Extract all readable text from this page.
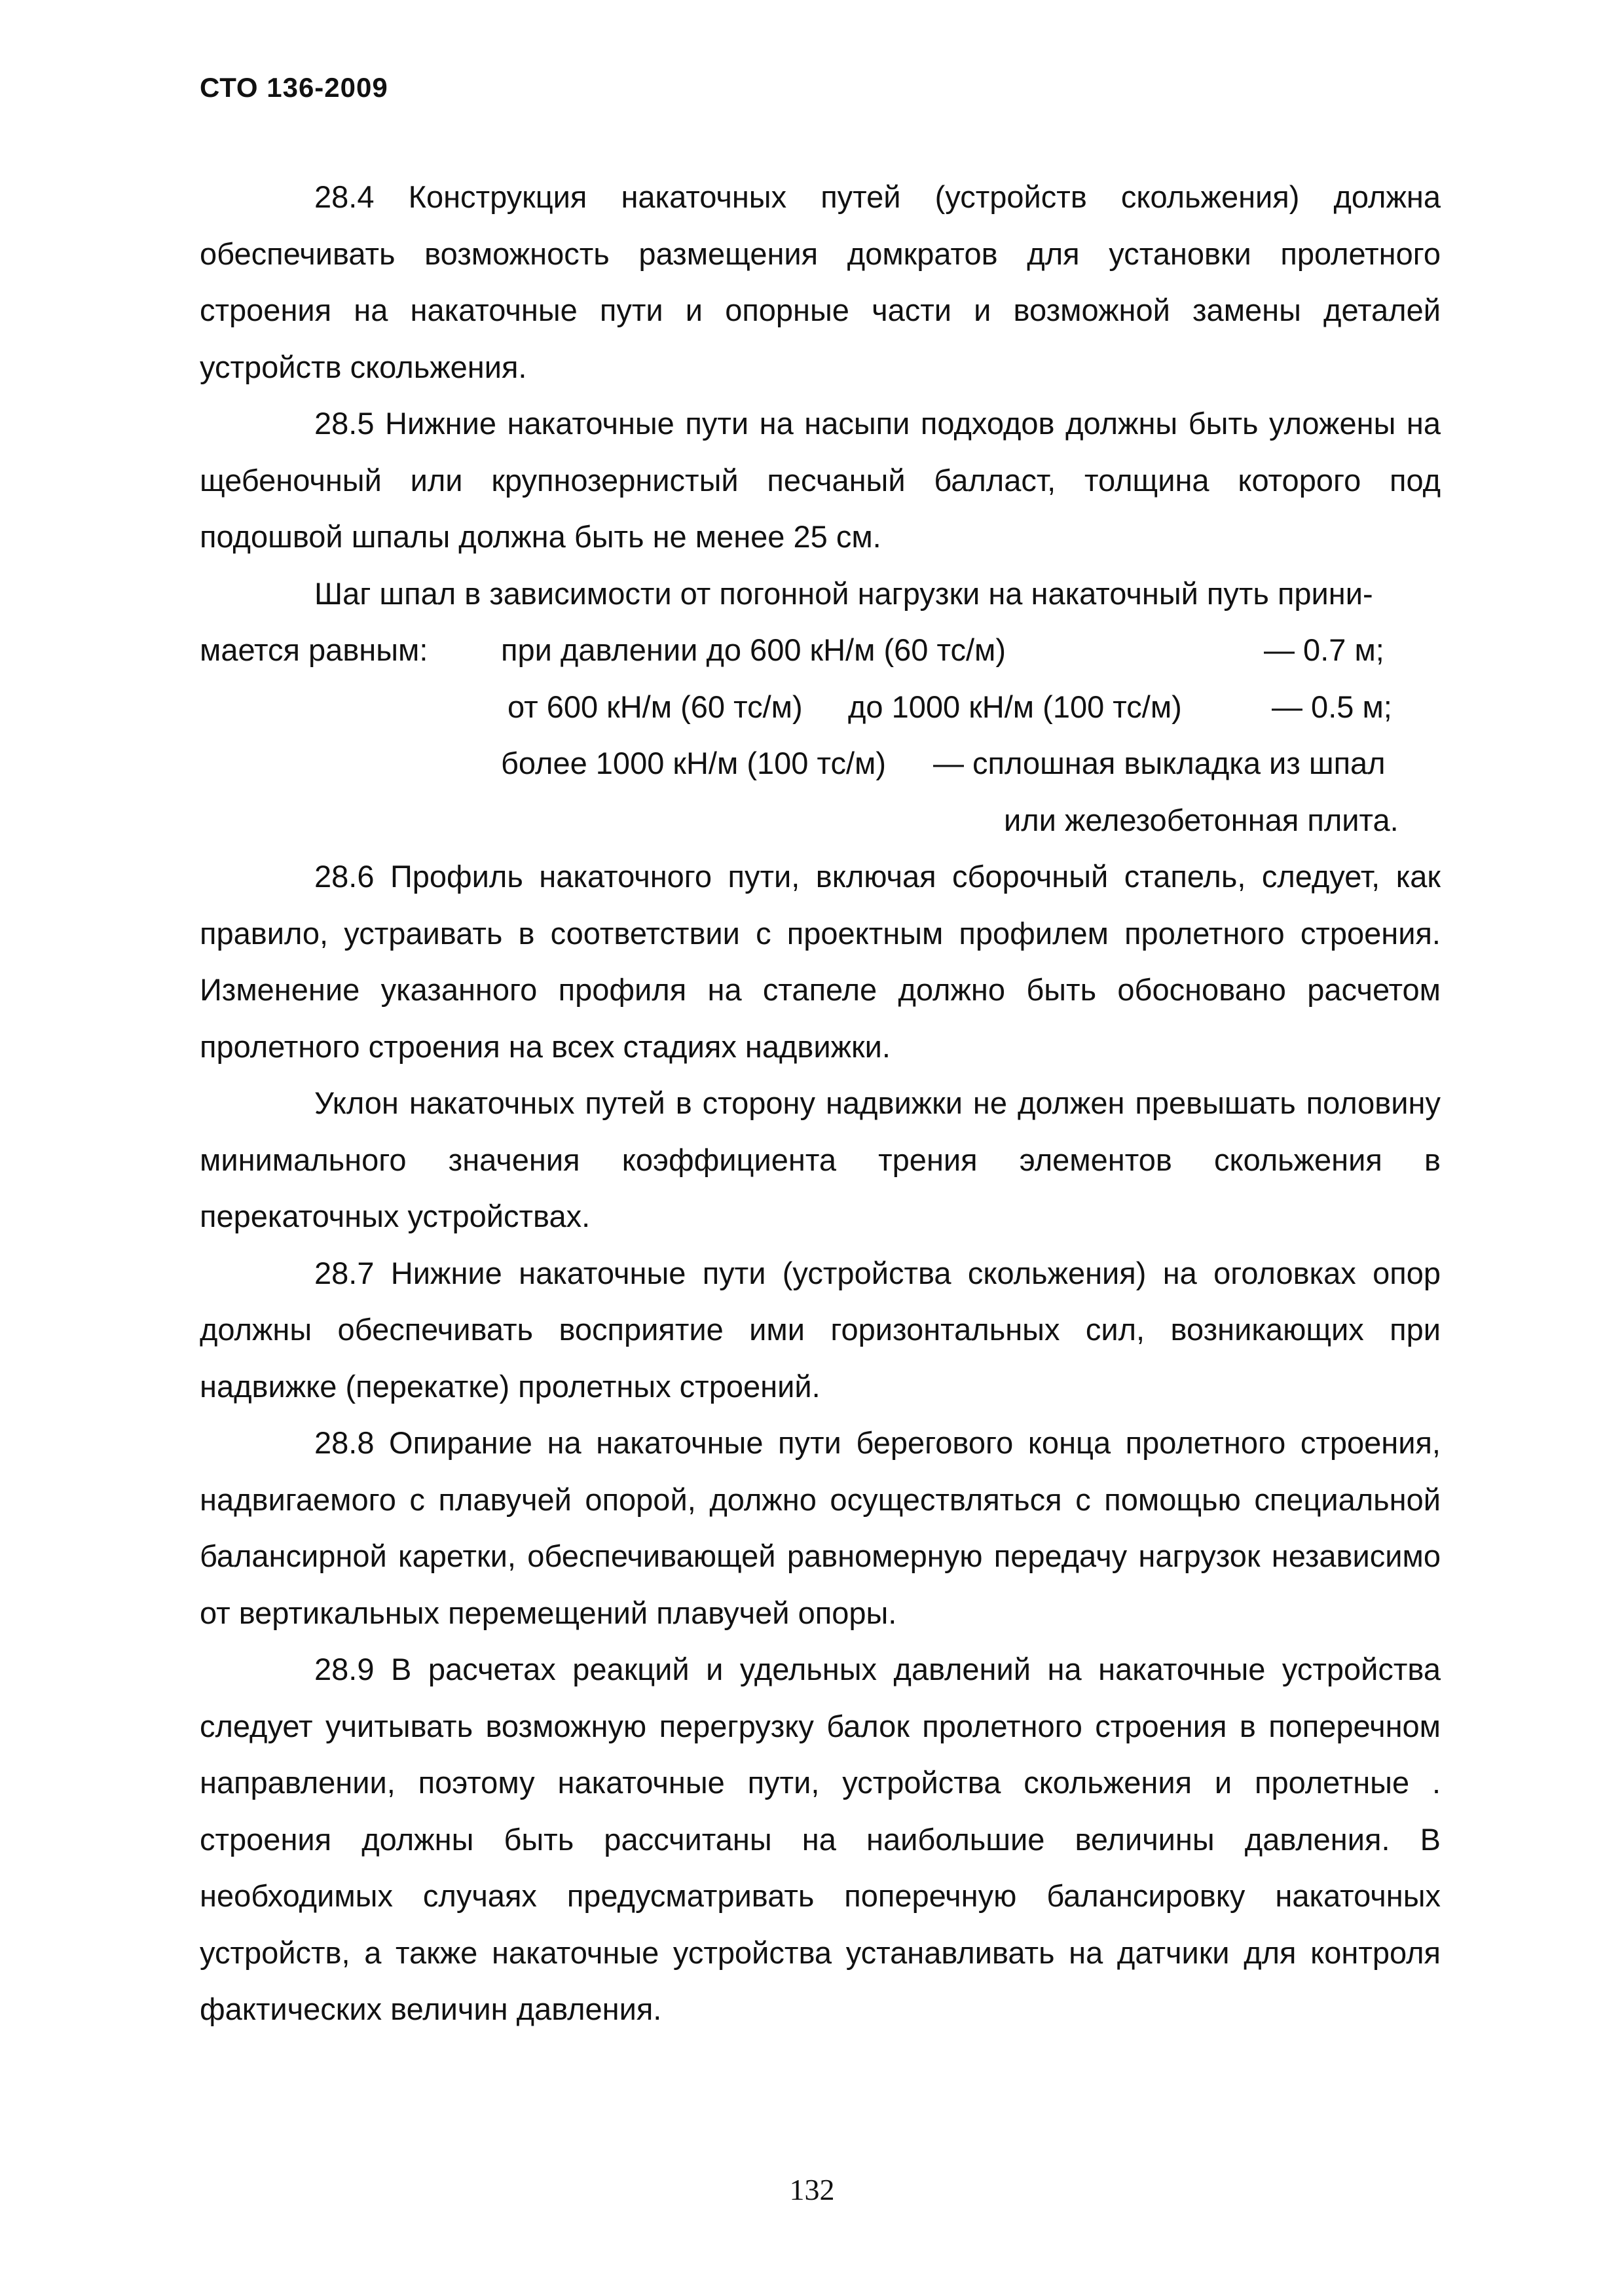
СТО 136-2009

28.4 Конструкция накаточных путей (устройств скольжения) должна обеспечивать возможность размещения домкратов для установки пролетного строения на накаточные пути и опорные части и возможной замены деталей устройств скольжения.

28.5 Нижние накаточные пути на насыпи подходов должны быть уложены на щебеночный или крупнозернистый песчаный балласт, толщина которого под подошвой шпалы должна быть не менее 25 см.

Шаг шпал в зависимости от погонной нагрузки на накаточный путь прини-

мается равным: при давлении до 600 кН/м (60 тс/м)	— 0.7 м;
от 600 кН/м (60 тс/м) до 1000 кН/м (100 тс/м)	— 0.5 м;
более 1000 кН/м (100 тс/м) — сплошная выкладка из шпал
или железобетонная плита.

28.6 Профиль накаточного пути, включая сборочный стапель, следует, как правило, устраивать в соответствии с проектным профилем пролетного строения. Изменение указанного профиля на стапеле должно быть обосновано расчетом пролетного строения на всех стадиях надвижки.

Уклон накаточных путей в сторону надвижки не должен превышать половину минимального значения коэффициента трения элементов скольжения в перекаточных устройствах.

28.7 Нижние накаточные пути (устройства скольжения) на оголовках опор должны обеспечивать восприятие ими горизонтальных сил, возникающих при надвижке (перекатке) пролетных строений.

28.8 Опирание на накаточные пути берегового конца пролетного строения, надвигаемого с плавучей опорой, должно осуществляться с помощью специальной балансирной каретки, обеспечивающей равномерную передачу нагрузок независимо от вертикальных перемещений плавучей опоры.

28.9 В расчетах реакций и удельных давлений на накаточные устройства следует учитывать возможную перегрузку балок пролетного строения в поперечном направлении, поэтому накаточные пути, устройства скольжения и пролетные . строения должны быть рассчитаны на наибольшие величины давления. В необходимых случаях предусматривать поперечную балансировку накаточных устройств, а также накаточные устройства устанавливать на датчики для контроля фактических величин давления.

132
